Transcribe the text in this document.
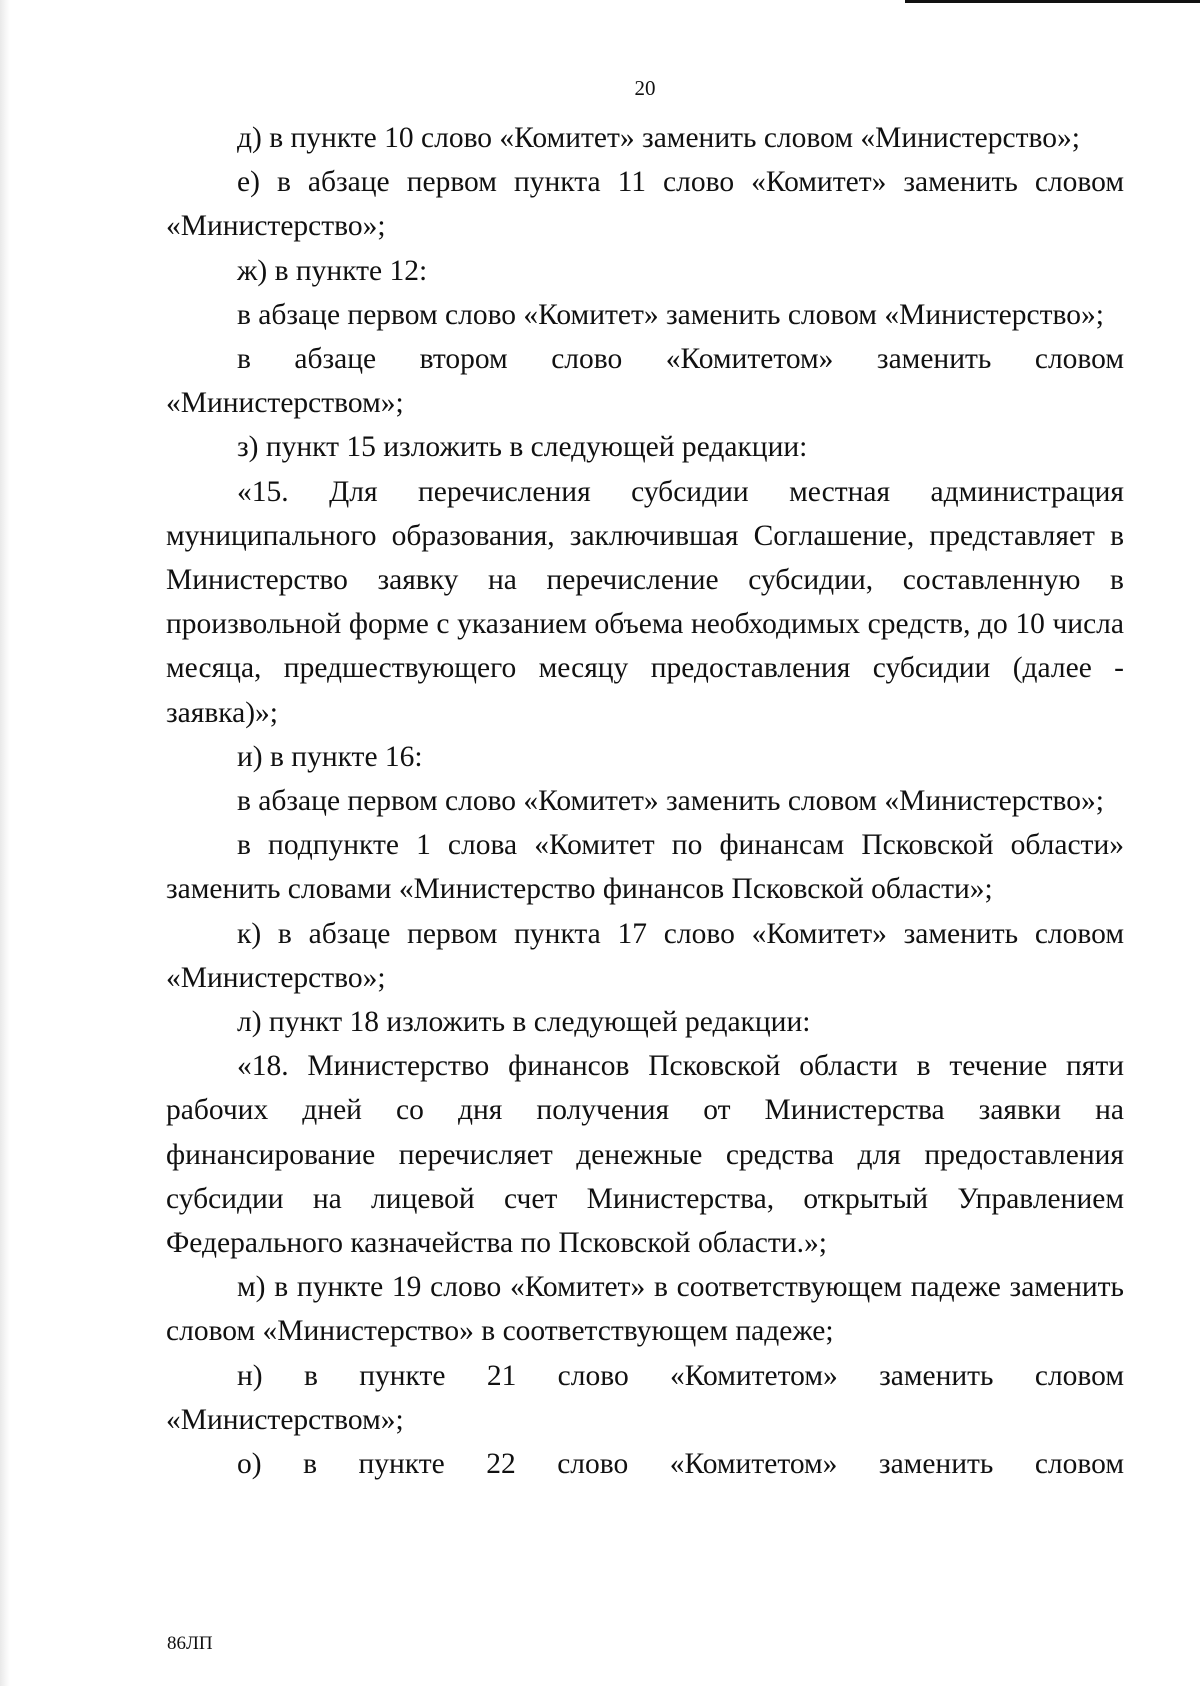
20

д) в пункте 10 слово «Комитет» заменить словом «Министерство»;

е) в абзаце первом пункта 11 слово «Комитет» заменить словом «Министерство»;

ж) в пункте 12:

в абзаце первом слово «Комитет» заменить словом «Министерство»;

в абзаце втором слово «Комитетом» заменить словом «Министерством»;

з) пункт 15 изложить в следующей редакции:

«15. Для перечисления субсидии местная администрация муниципального образования, заключившая Соглашение, представляет в Министерство заявку на перечисление субсидии, составленную в произвольной форме с указанием объема необходимых средств, до 10 числа месяца, предшествующего месяцу предоставления субсидии (далее - заявка)»;

и) в пункте 16:

в абзаце первом слово «Комитет» заменить словом «Министерство»;

в подпункте 1 слова «Комитет по финансам Псковской области» заменить словами «Министерство финансов Псковской области»;

к) в абзаце первом пункта 17 слово «Комитет» заменить словом «Министерство»;

л) пункт 18 изложить в следующей редакции:

«18. Министерство финансов Псковской области в течение пяти рабочих дней со дня получения от Министерства заявки на финансирование перечисляет денежные средства для предоставления субсидии на лицевой счет Министерства, открытый Управлением Федерального казначейства по Псковской области.»;

м) в пункте 19 слово «Комитет» в соответствующем падеже заменить словом «Министерство» в соответствующем падеже;

н) в пункте 21 слово «Комитетом» заменить словом «Министерством»;

о) в пункте 22 слово «Комитетом» заменить словом

86ЛП
